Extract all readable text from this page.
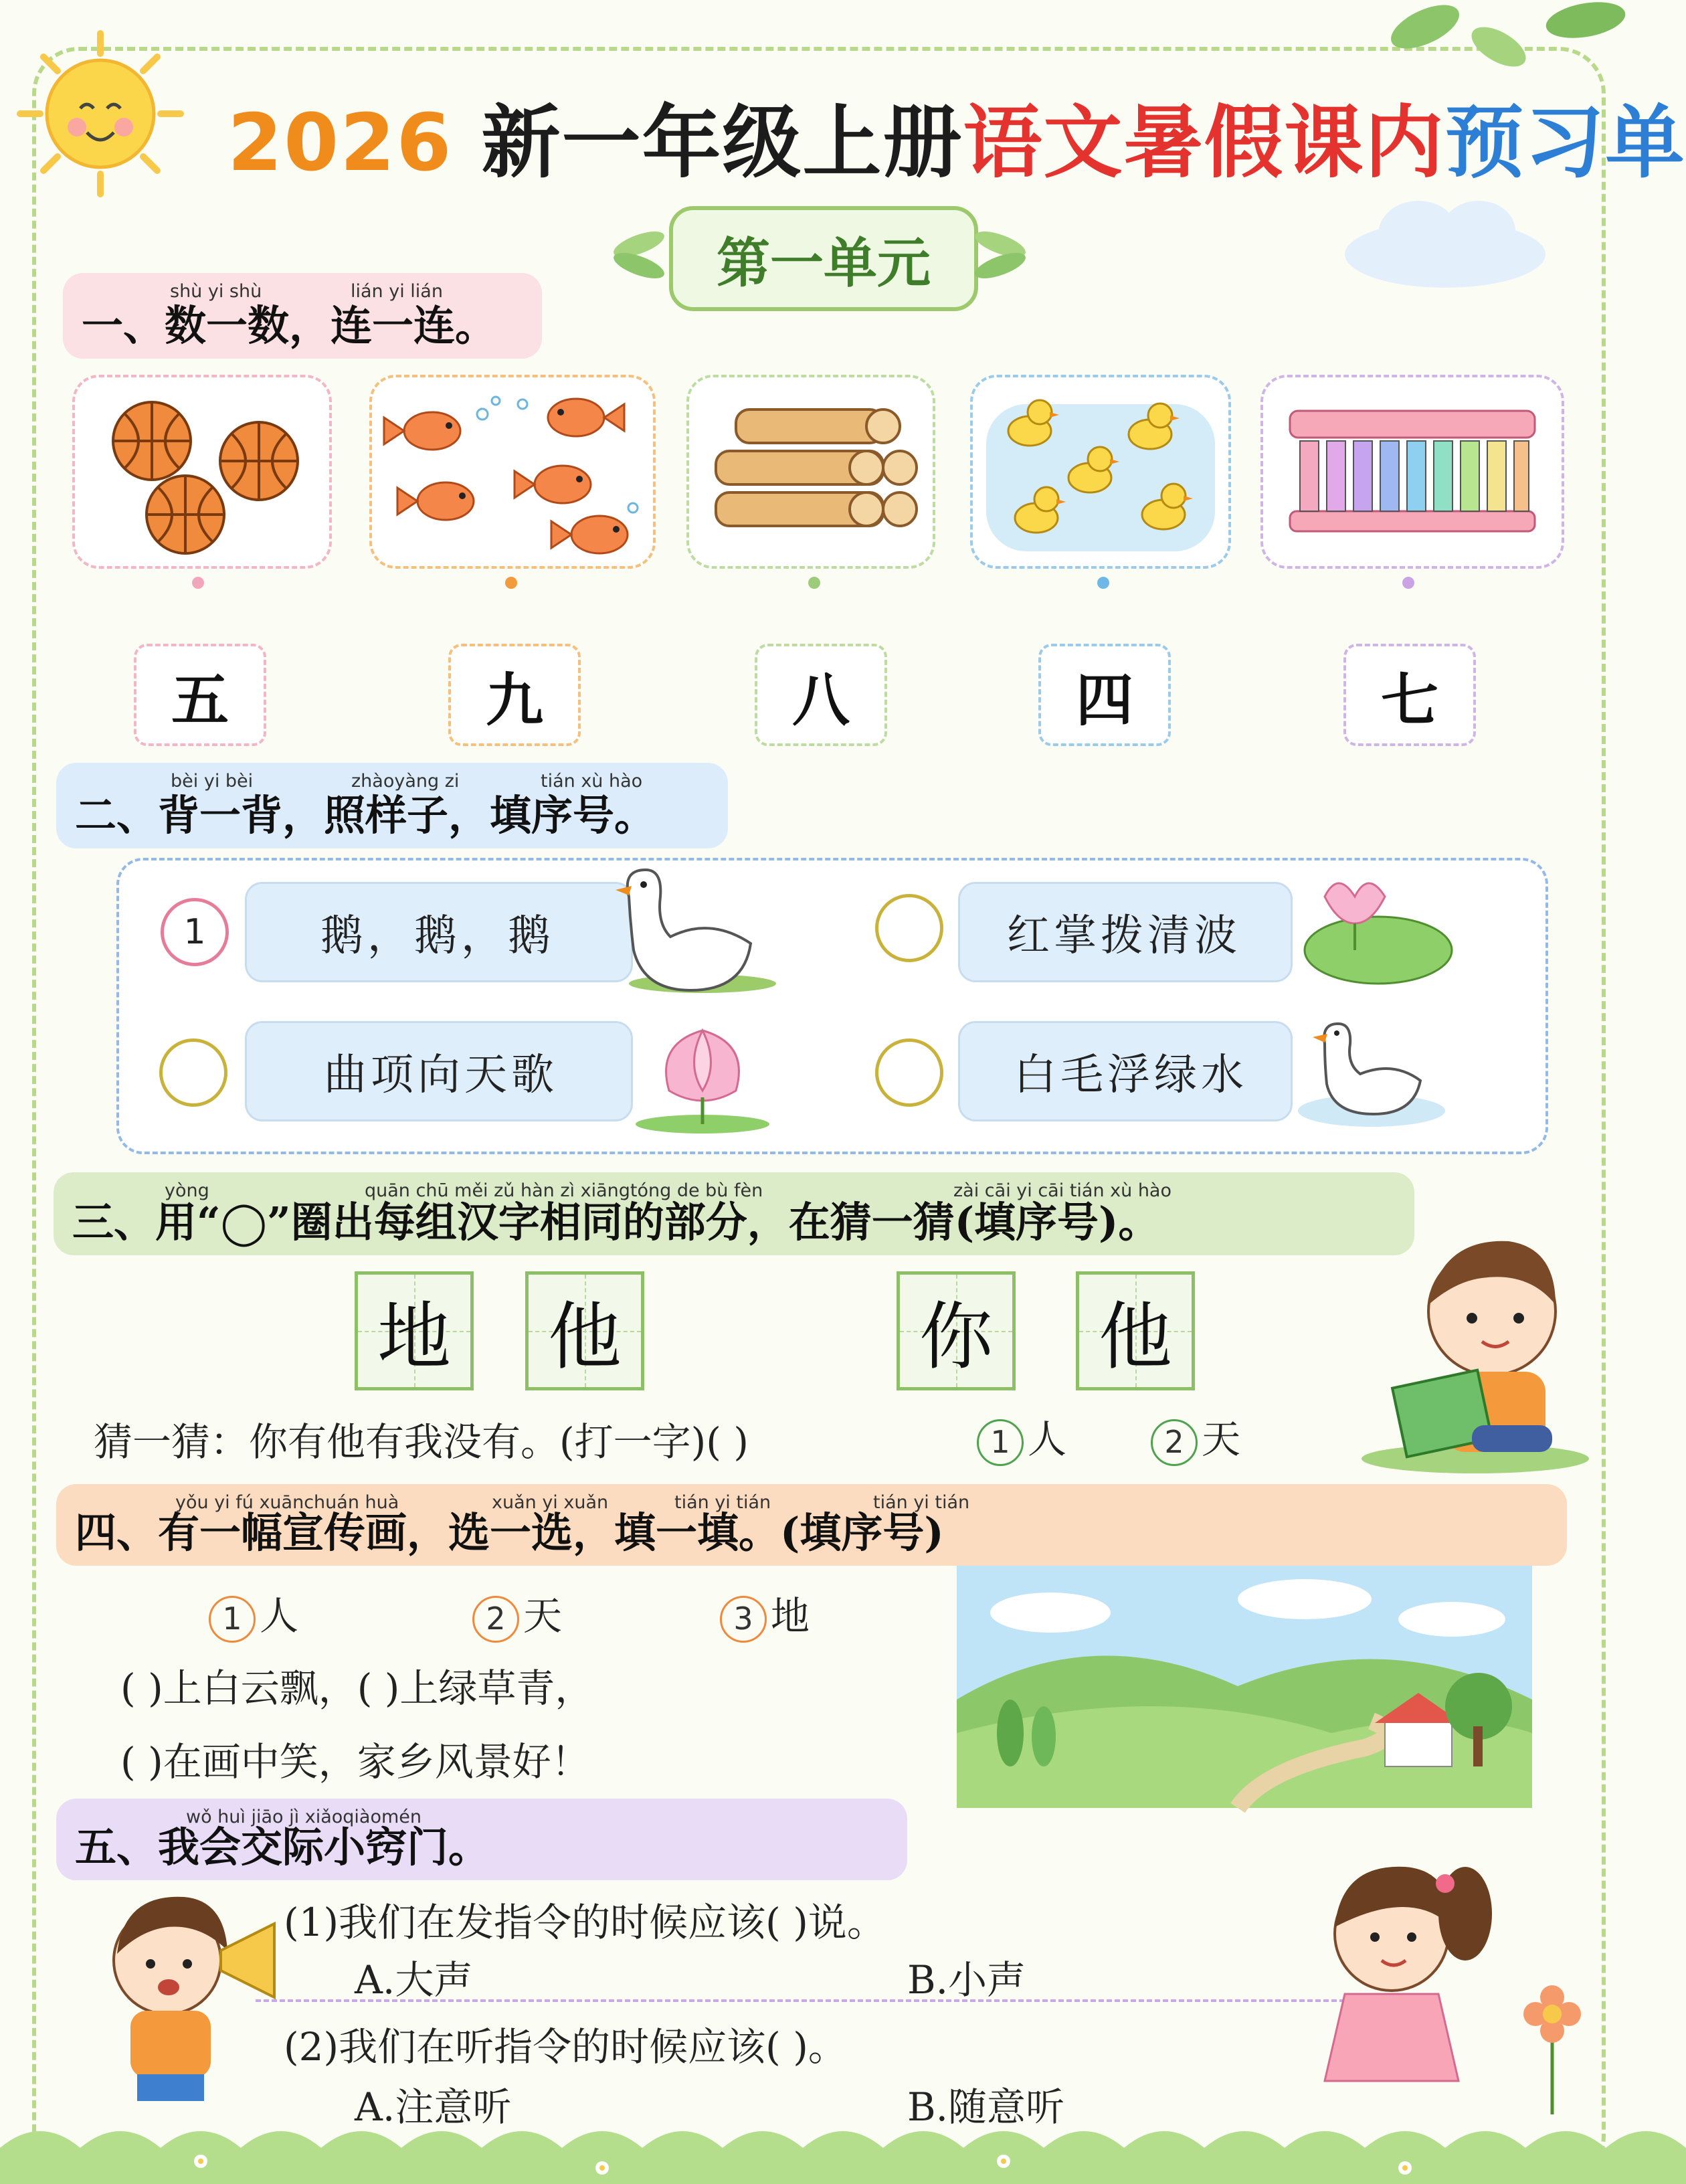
2026 新一年级上册语文暑假课内预习单
第一单元
shù yi shù	lián yi lián
一、数一数，连一连。
五	九	八	四	七
bèi yi bèi	zhàoyàng zi	tián xù hào
二、背一背，照样子，填序号。
1	鹅，鹅，鹅	红掌拨清波
曲项向天歌	白毛浮绿水
yòng	quān chū měi zǔ hàn zì xiāngtóng de bù fèn	zài cāi yi cāi tián xù hào
三、用“◯”圈出每组汉字相同的部分，在猜一猜(填序号)。
地 他	你 他
猜一猜：你有他有我没有。(打一字)( )	1 人	2 天
yǒu yi fú xuānchuán huà	xuǎn yi xuǎn	tián yi tián	tián yi tián
四、有一幅宣传画，选一选，填一填。(填序号)
1 人	2 天	3 地
( )上白云飘，( )上绿草青，
( )在画中笑，家乡风景好！
wǒ huì jiāo jì xiǎoqiàomén
五、我会交际小窍门。
(1)我们在发指令的时候应该( )说。
A.大声	B.小声
(2)我们在听指令的时候应该( )。
A.注意听	B.随意听
